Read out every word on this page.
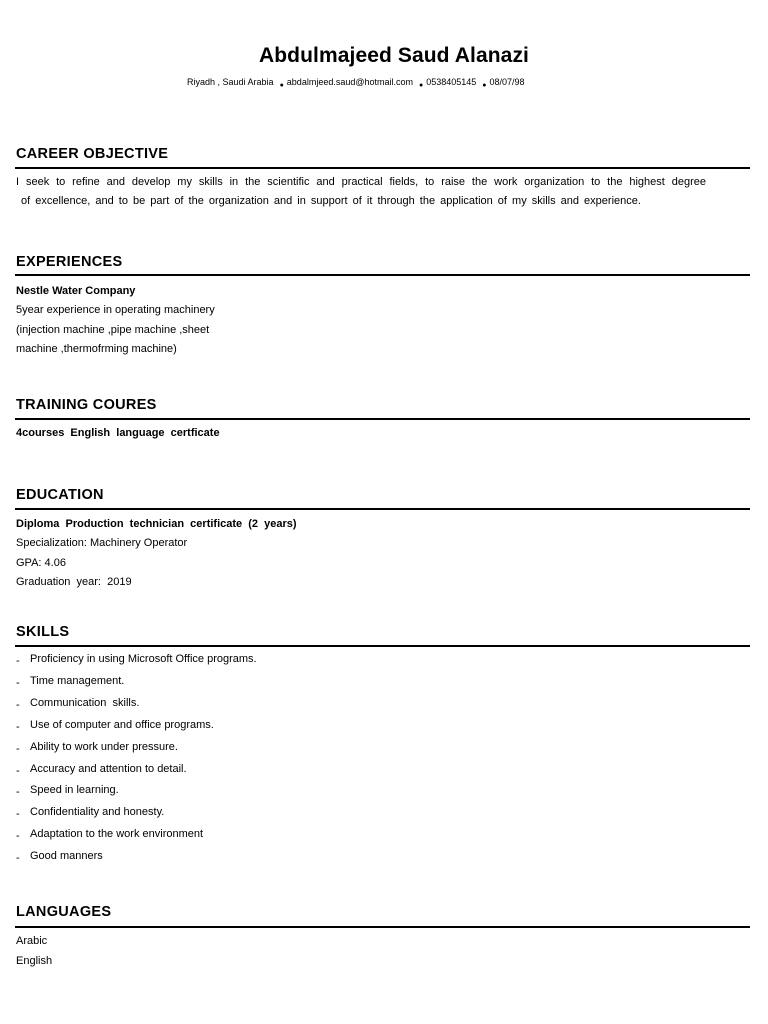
Abdulmajeed Saud Alanazi
Riyadh , Saudi Arabia $_●$ abdalmjeed.saud@hotmail.com $_●$ 0538405145 $_●$ 08/07/98
CAREER OBJECTIVE
I seek to refine and develop my skills in the scientific and practical fields, to raise the work organization to the highest degree
of excellence, and to be part of the organization and in support of it through the application of my skills and experience.
EXPERIENCES
Nestle Water Company
5year experience in operating machinery
(injection machine ,pipe machine ,sheet
machine ,thermofrming machine)
TRAINING COURES
4courses  English  language  certficate
EDUCATION
Diploma  Production  technician  certificate  (2  years)
Specialization: Machinery Operator
GPA: 4.06
Graduation  year:  2019
SKILLS
- Proficiency in using Microsoft Office programs.
- Time management.
- Communication  skills.
- Use of computer and office programs.
- Ability to work under pressure.
- Accuracy and attention to detail.
- Speed in learning.
- Confidentiality and honesty.
- Adaptation to the work environment
- Good manners
LANGUAGES
Arabic
English
